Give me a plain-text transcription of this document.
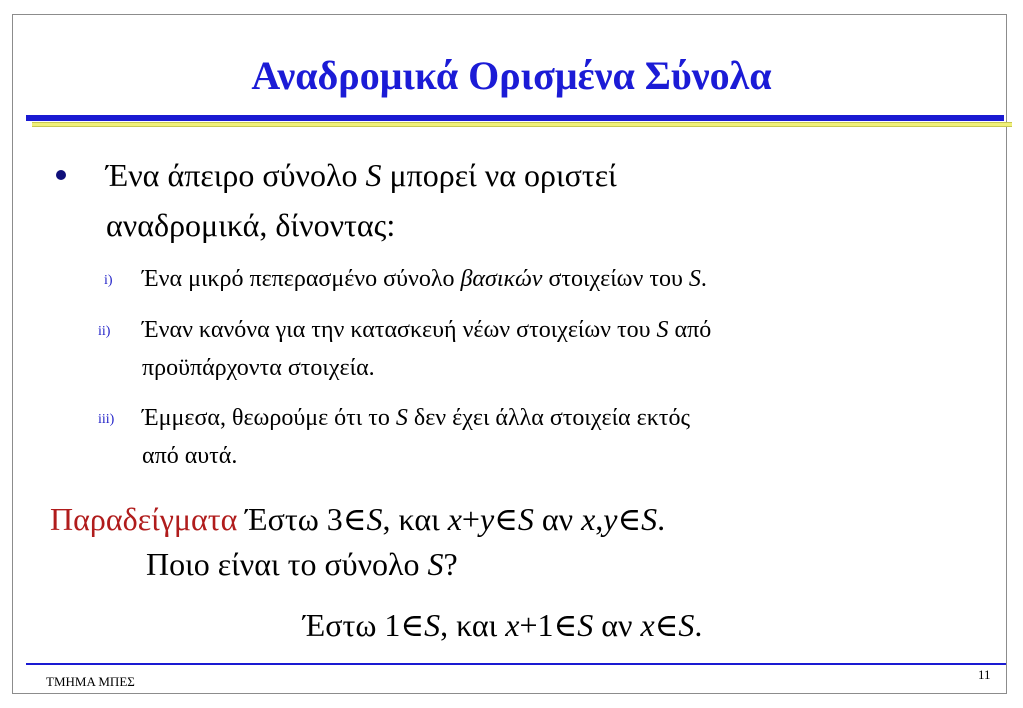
Αναδρομικά Ορισμένα Σύνολα
Ένα άπειρο σύνολο S μπορεί να οριστεί
αναδρομικά, δίνοντας:
i) Ένα μικρό πεπερασμένο σύνολο βασικών στοιχείων του S.
ii) Έναν κανόνα για την κατασκευή νέων στοιχείων του S από
προϋπάρχοντα στοιχεία.
iii) Έμμεσα, θεωρούμε ότι το S δεν έχει άλλα στοιχεία εκτός
από αυτά.
Παραδείγματα Έστω 3∈S, και x+y∈S αν x,y∈S.
Ποιο είναι το σύνολο S?
Έστω 1∈S, και x+1∈S αν x∈S.
ΤΜΗΜΑ ΜΠΕΣ	11
